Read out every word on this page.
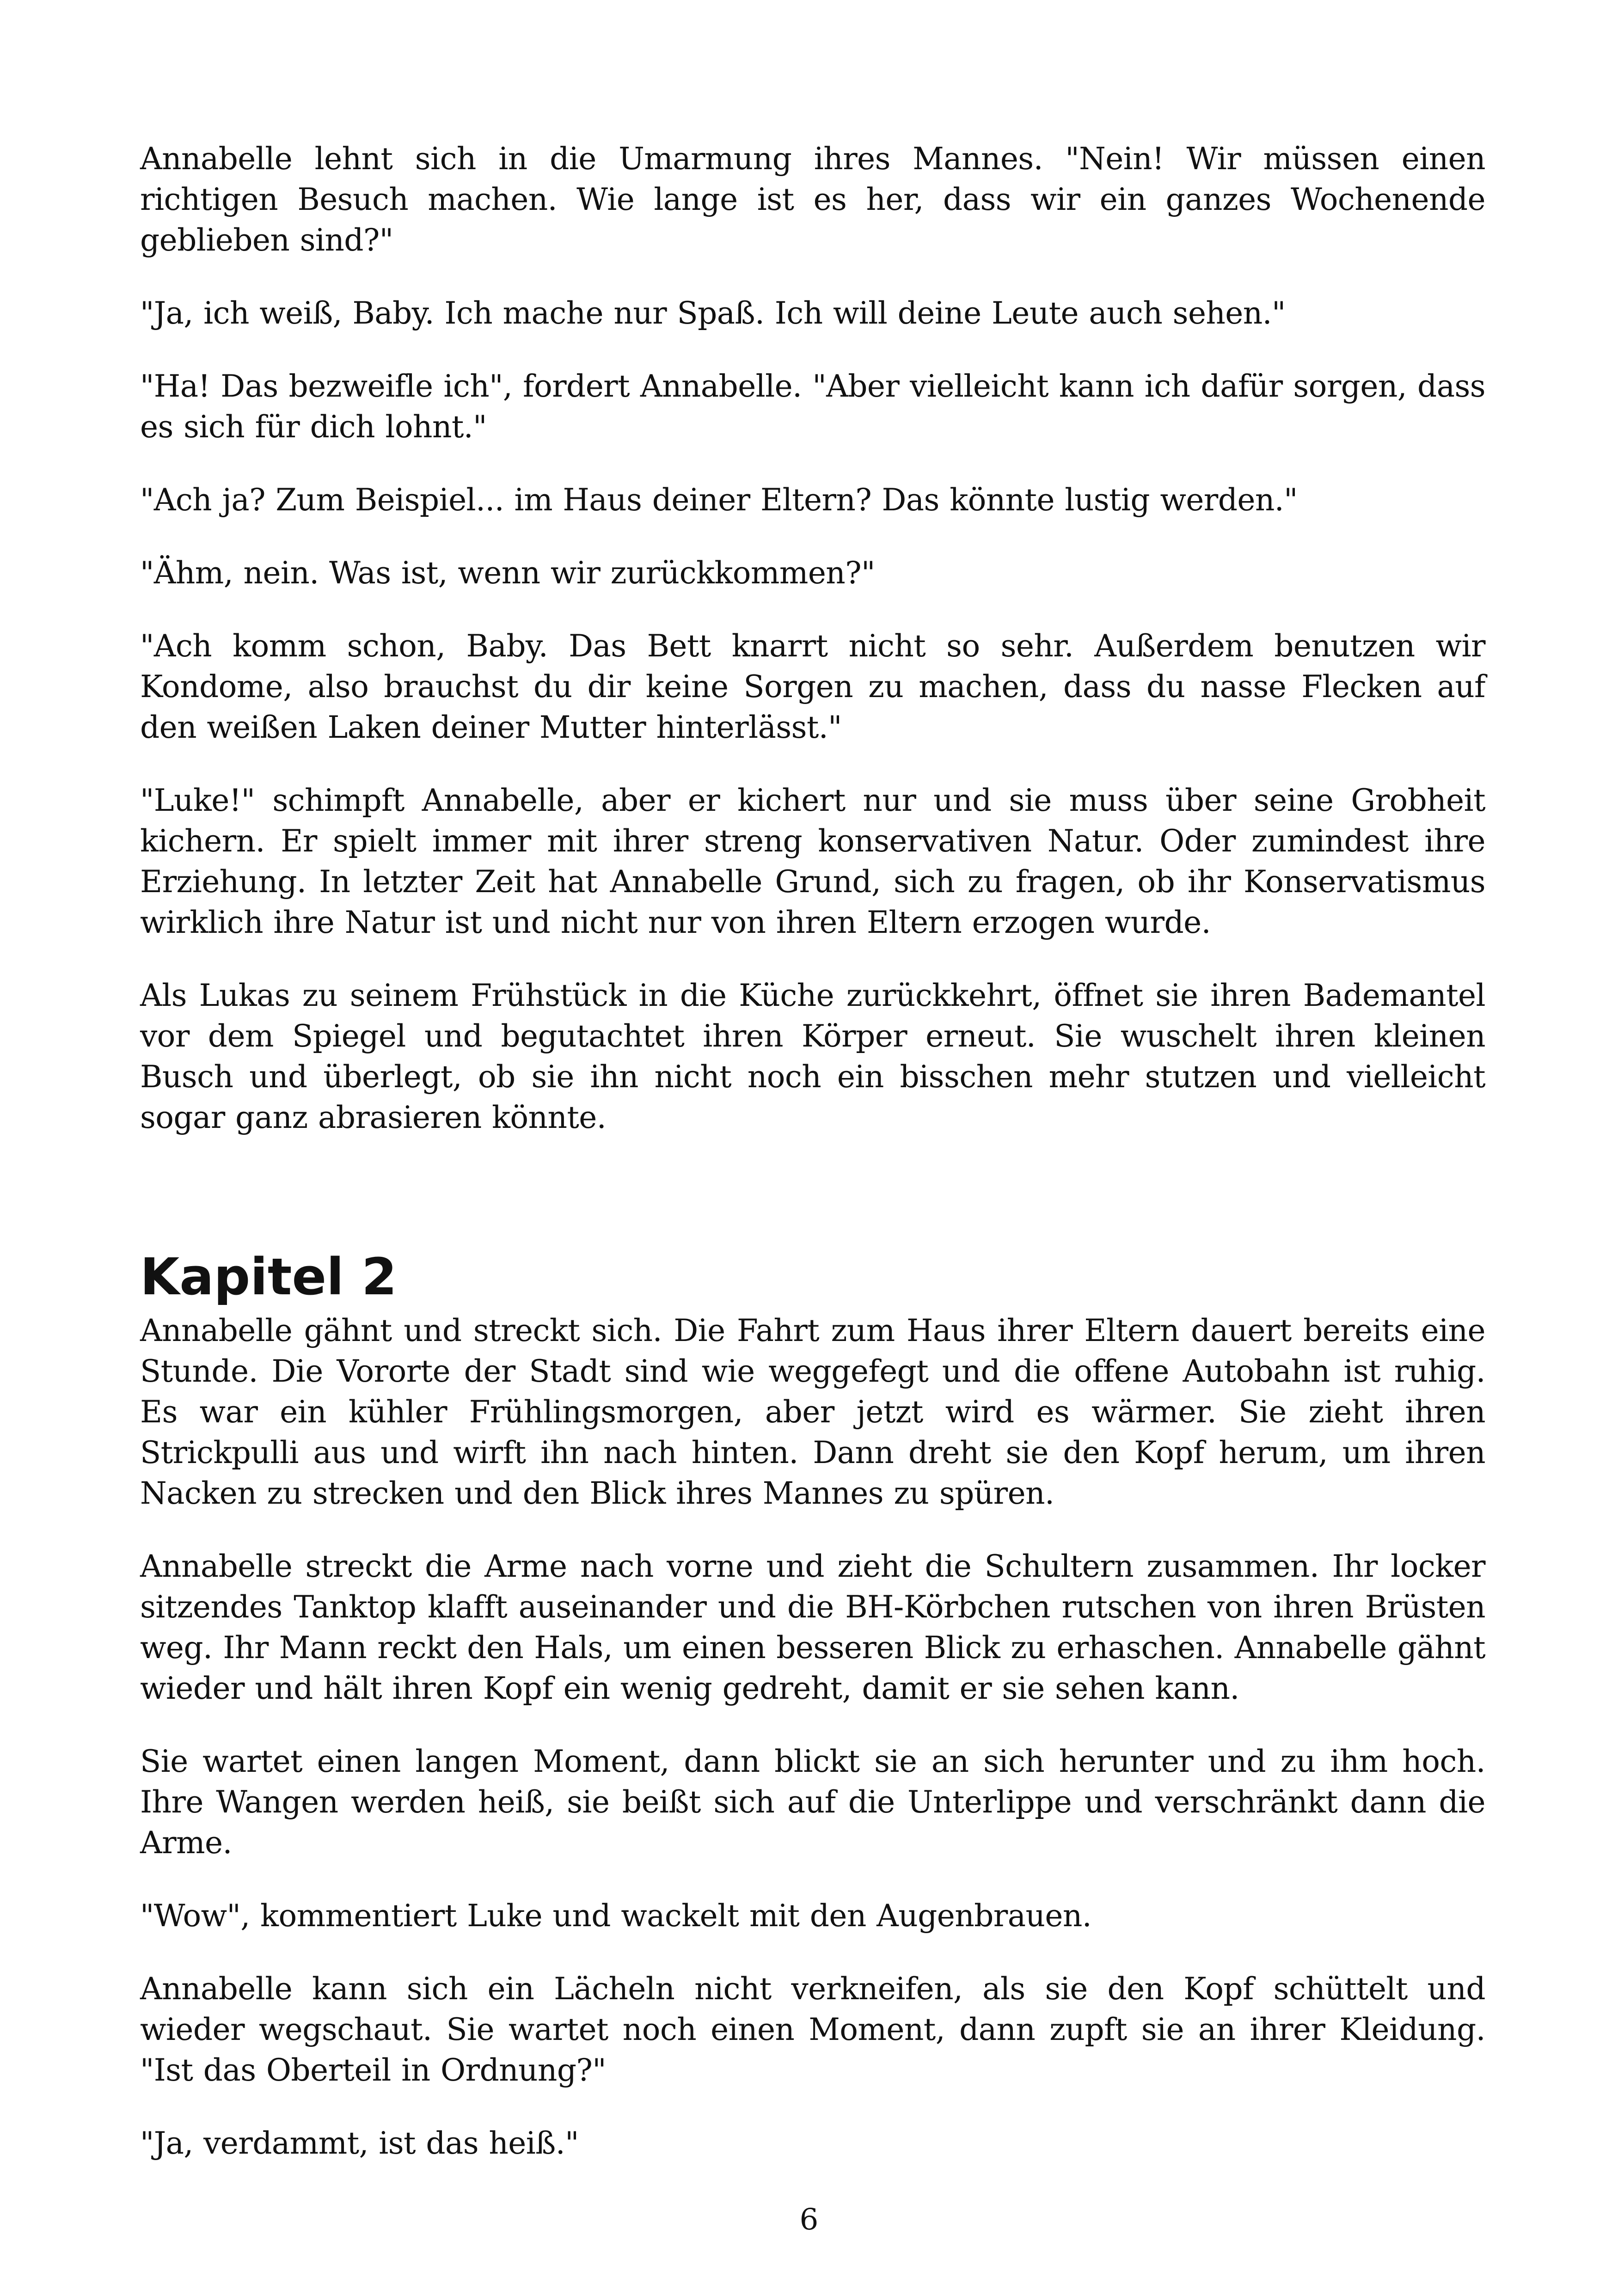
Annabelle lehnt sich in die Umarmung ihres Mannes. "Nein! Wir müssen einen richtigen Besuch machen. Wie lange ist es her, dass wir ein ganzes Wochenende geblieben sind?"

"Ja, ich weiß, Baby. Ich mache nur Spaß. Ich will deine Leute auch sehen."

"Ha! Das bezweifle ich", fordert Annabelle. "Aber vielleicht kann ich dafür sorgen, dass es sich für dich lohnt."

"Ach ja? Zum Beispiel... im Haus deiner Eltern? Das könnte lustig werden."

"Ähm, nein. Was ist, wenn wir zurückkommen?"

"Ach komm schon, Baby. Das Bett knarrt nicht so sehr. Außerdem benutzen wir Kondome, also brauchst du dir keine Sorgen zu machen, dass du nasse Flecken auf den weißen Laken deiner Mutter hinterlässt."

"Luke!" schimpft Annabelle, aber er kichert nur und sie muss über seine Grobheit kichern. Er spielt immer mit ihrer streng konservativen Natur. Oder zumindest ihre Erziehung. In letzter Zeit hat Annabelle Grund, sich zu fragen, ob ihr Konservatismus wirklich ihre Natur ist und nicht nur von ihren Eltern erzogen wurde.

Als Lukas zu seinem Frühstück in die Küche zurückkehrt, öffnet sie ihren Bademantel vor dem Spiegel und begutachtet ihren Körper erneut. Sie wuschelt ihren kleinen Busch und überlegt, ob sie ihn nicht noch ein bisschen mehr stutzen und vielleicht sogar ganz abrasieren könnte.

Kapitel 2

Annabelle gähnt und streckt sich. Die Fahrt zum Haus ihrer Eltern dauert bereits eine Stunde. Die Vororte der Stadt sind wie weggefegt und die offene Autobahn ist ruhig. Es war ein kühler Frühlingsmorgen, aber jetzt wird es wärmer. Sie zieht ihren Strickpulli aus und wirft ihn nach hinten. Dann dreht sie den Kopf herum, um ihren Nacken zu strecken und den Blick ihres Mannes zu spüren.

Annabelle streckt die Arme nach vorne und zieht die Schultern zusammen. Ihr locker sitzendes Tanktop klafft auseinander und die BH-Körbchen rutschen von ihren Brüsten weg. Ihr Mann reckt den Hals, um einen besseren Blick zu erhaschen. Annabelle gähnt wieder und hält ihren Kopf ein wenig gedreht, damit er sie sehen kann.

Sie wartet einen langen Moment, dann blickt sie an sich herunter und zu ihm hoch. Ihre Wangen werden heiß, sie beißt sich auf die Unterlippe und verschränkt dann die Arme.

"Wow", kommentiert Luke und wackelt mit den Augenbrauen.

Annabelle kann sich ein Lächeln nicht verkneifen, als sie den Kopf schüttelt und wieder wegschaut. Sie wartet noch einen Moment, dann zupft sie an ihrer Kleidung. "Ist das Oberteil in Ordnung?"

"Ja, verdammt, ist das heiß."

6
